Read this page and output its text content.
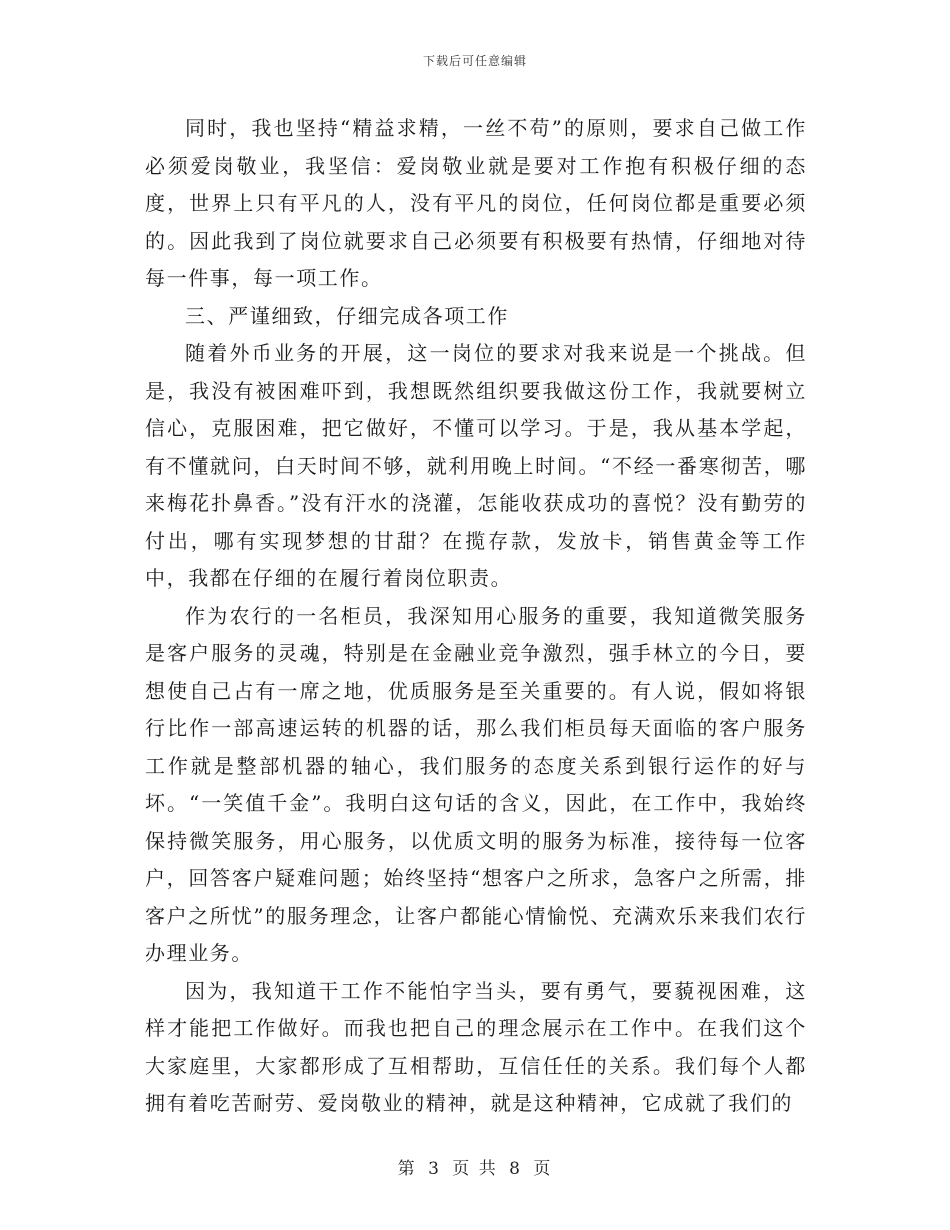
下载后可任意编辑

同时，我也坚持“精益求精，一丝不苟”的原则，要求自己做工作必须爱岗敬业，我坚信：爱岗敬业就是要对工作抱有积极仔细的态度，世界上只有平凡的人，没有平凡的岗位，任何岗位都是重要必须的。因此我到了岗位就要求自己必须要有积极要有热情，仔细地对待每一件事，每一项工作。

三、严谨细致，仔细完成各项工作

随着外币业务的开展，这一岗位的要求对我来说是一个挑战。但是，我没有被困难吓到，我想既然组织要我做这份工作，我就要树立信心，克服困难，把它做好，不懂可以学习。于是，我从基本学起，有不懂就问，白天时间不够，就利用晚上时间。“不经一番寒彻苦，哪来梅花扑鼻香。”没有汗水的浇灌，怎能收获成功的喜悦？没有勤劳的付出，哪有实现梦想的甘甜？在揽存款，发放卡，销售黄金等工作中，我都在仔细的在履行着岗位职责。

作为农行的一名柜员，我深知用心服务的重要，我知道微笑服务是客户服务的灵魂，特别是在金融业竞争激烈，强手林立的今日，要想使自己占有一席之地，优质服务是至关重要的。有人说，假如将银行比作一部高速运转的机器的话，那么我们柜员每天面临的客户服务工作就是整部机器的轴心，我们服务的态度关系到银行运作的好与坏。“一笑值千金”。我明白这句话的含义，因此，在工作中，我始终保持微笑服务，用心服务，以优质文明的服务为标准，接待每一位客户，回答客户疑难问题；始终坚持“想客户之所求，急客户之所需，排客户之所忧”的服务理念，让客户都能心情愉悦、充满欢乐来我们农行办理业务。

因为，我知道干工作不能怕字当头，要有勇气，要藐视困难，这样才能把工作做好。而我也把自己的理念展示在工作中。在我们这个大家庭里，大家都形成了互相帮助，互信任任的关系。我们每个人都拥有着吃苦耐劳、爱岗敬业的精神，就是这种精神，它成就了我们的

第 3 页 共 8 页
